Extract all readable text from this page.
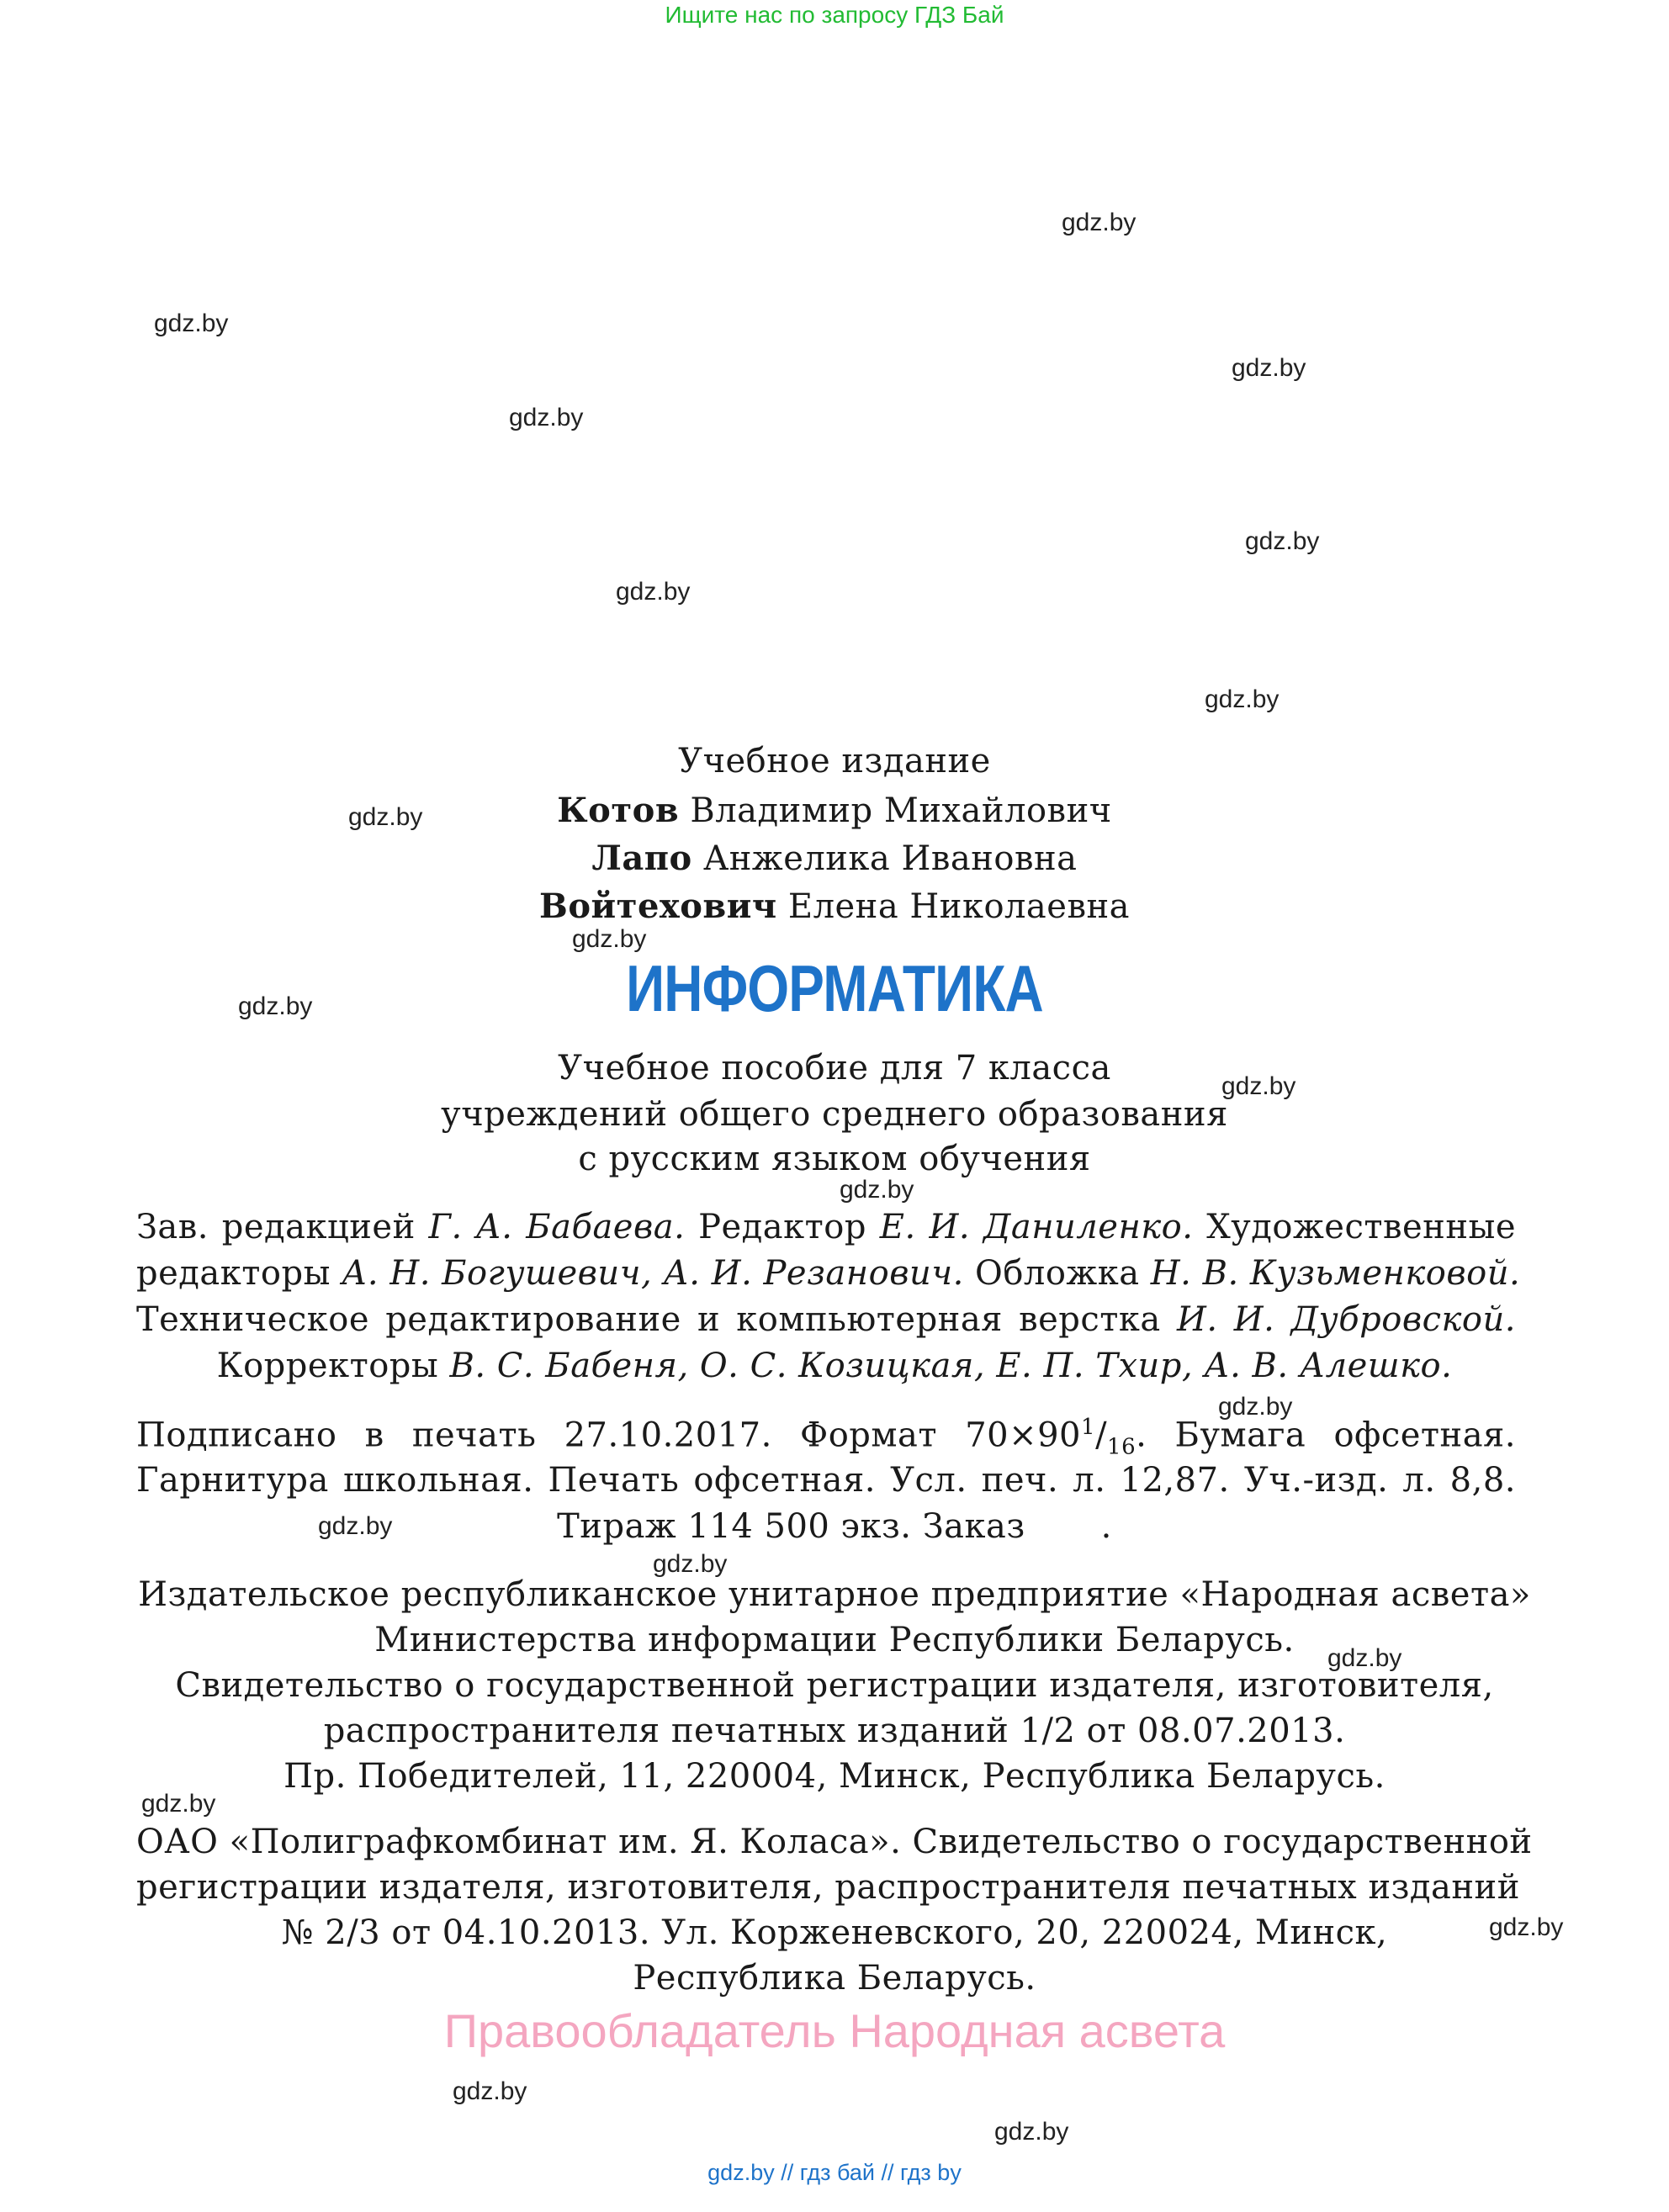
Ищите нас по запросу ГДЗ Бай
gdz.by
gdz.by
gdz.by
gdz.by
gdz.by
gdz.by
gdz.by
gdz.by
gdz.by
gdz.by
gdz.by
gdz.by
gdz.by
gdz.by
gdz.by
gdz.by
gdz.by
gdz.by
gdz.by
gdz.by
Учебное издание
Котов Владимир Михайлович
Лапо Анжелика Ивановна
Войтехович Елена Николаевна
ИНФОРМАТИКА
Учебное пособие для 7 класса
учреждений общего среднего образования
с русским языком обучения
Зав. редакцией Г. А. Бабаева. Редактор Е. И. Даниленко. Художественные
редакторы А. Н. Богушевич, А. И. Резанович. Обложка Н. В. Кузьменковой.
Техническое редактирование и компьютерная верстка И. И. Дубровской.
Корректоры В. С. Бабеня, О. С. Козицкая, Е. П. Тхир, А. В. Алешко.
Подписано в печать 27.10.2017. Формат $70\times 90^1/_{16}$. Бумага офсетная.
Гарнитура школьная. Печать офсетная. Усл. печ. л. 12,87. Уч.-изд. л. 8,8.
Тираж 114 500 экз. Заказ .
Издательское республиканское унитарное предприятие «Народная асвета»
Министерства информации Республики Беларусь.
Свидетельство о государственной регистрации издателя, изготовителя,
распространителя печатных изданий 1/2 от 08.07.2013.
Пр. Победителей, 11, 220004, Минск, Республика Беларусь.
ОАО «Полиграфкомбинат им. Я. Коласа». Свидетельство о государственной
регистрации издателя, изготовителя, распространителя печатных изданий
№ 2/3 от 04.10.2013. Ул. Корженевского, 20, 220024, Минск,
Республика Беларусь.
Правообладатель Народная асвета
gdz.by // гдз бай // гдз by
